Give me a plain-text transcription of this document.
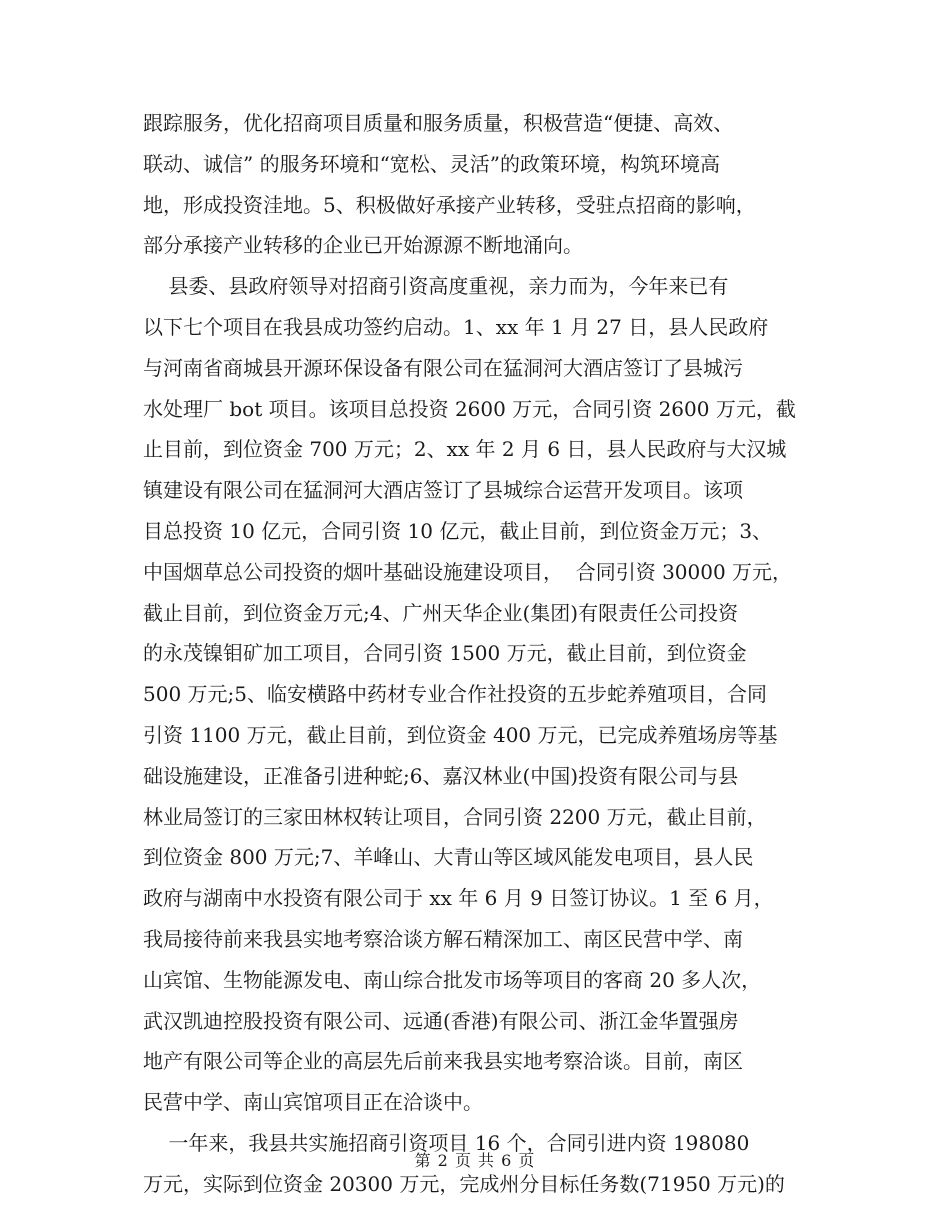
跟踪服务，优化招商项目质量和服务质量，积极营造“便捷、高效、
联动、诚信” 的服务环境和“宽松、灵活”的政策环境，构筑环境高
地，形成投资洼地。5、积极做好承接产业转移，受驻点招商的影响，
部分承接产业转移的企业已开始源源不断地涌向。
县委、县政府领导对招商引资高度重视，亲力而为，今年来已有
以下七个项目在我县成功签约启动。1、xx 年 1 月 27 日，县人民政府
与河南省商城县开源环保设备有限公司在猛洞河大酒店签订了县城污
水处理厂 bot 项目。该项目总投资 2600 万元，合同引资 2600 万元，截
止目前，到位资金 700 万元；2、xx 年 2 月 6 日，县人民政府与大汉城
镇建设有限公司在猛洞河大酒店签订了县城综合运营开发项目。该项
目总投资 10 亿元，合同引资 10 亿元，截止目前，到位资金万元；3、
中国烟草总公司投资的烟叶基础设施建设项目，  合同引资 30000 万元，
截止目前，到位资金万元;4、广州天华企业(集团)有限责任公司投资
的永茂镍钼矿加工项目，合同引资 1500 万元，截止目前，到位资金
500 万元;5、临安横路中药材专业合作社投资的五步蛇养殖项目，合同
引资 1100 万元，截止目前，到位资金 400 万元，已完成养殖场房等基
础设施建设，正准备引进种蛇;6、嘉汉林业(中国)投资有限公司与县
林业局签订的三家田林权转让项目，合同引资 2200 万元，截止目前，
到位资金 800 万元;7、羊峰山、大青山等区域风能发电项目，县人民
政府与湖南中水投资有限公司于 xx 年 6 月 9 日签订协议。1 至 6 月，
我局接待前来我县实地考察洽谈方解石精深加工、南区民营中学、南
山宾馆、生物能源发电、南山综合批发市场等项目的客商 20 多人次，
武汉凯迪控股投资有限公司、远通(香港)有限公司、浙江金华置强房
地产有限公司等企业的高层先后前来我县实地考察洽谈。目前，南区
民营中学、南山宾馆项目正在洽谈中。
一年来，我县共实施招商引资项目 16 个，合同引进内资 198080
万元，实际到位资金 20300 万元，完成州分目标任务数(71950 万元)的
第 2 页 共 6 页
